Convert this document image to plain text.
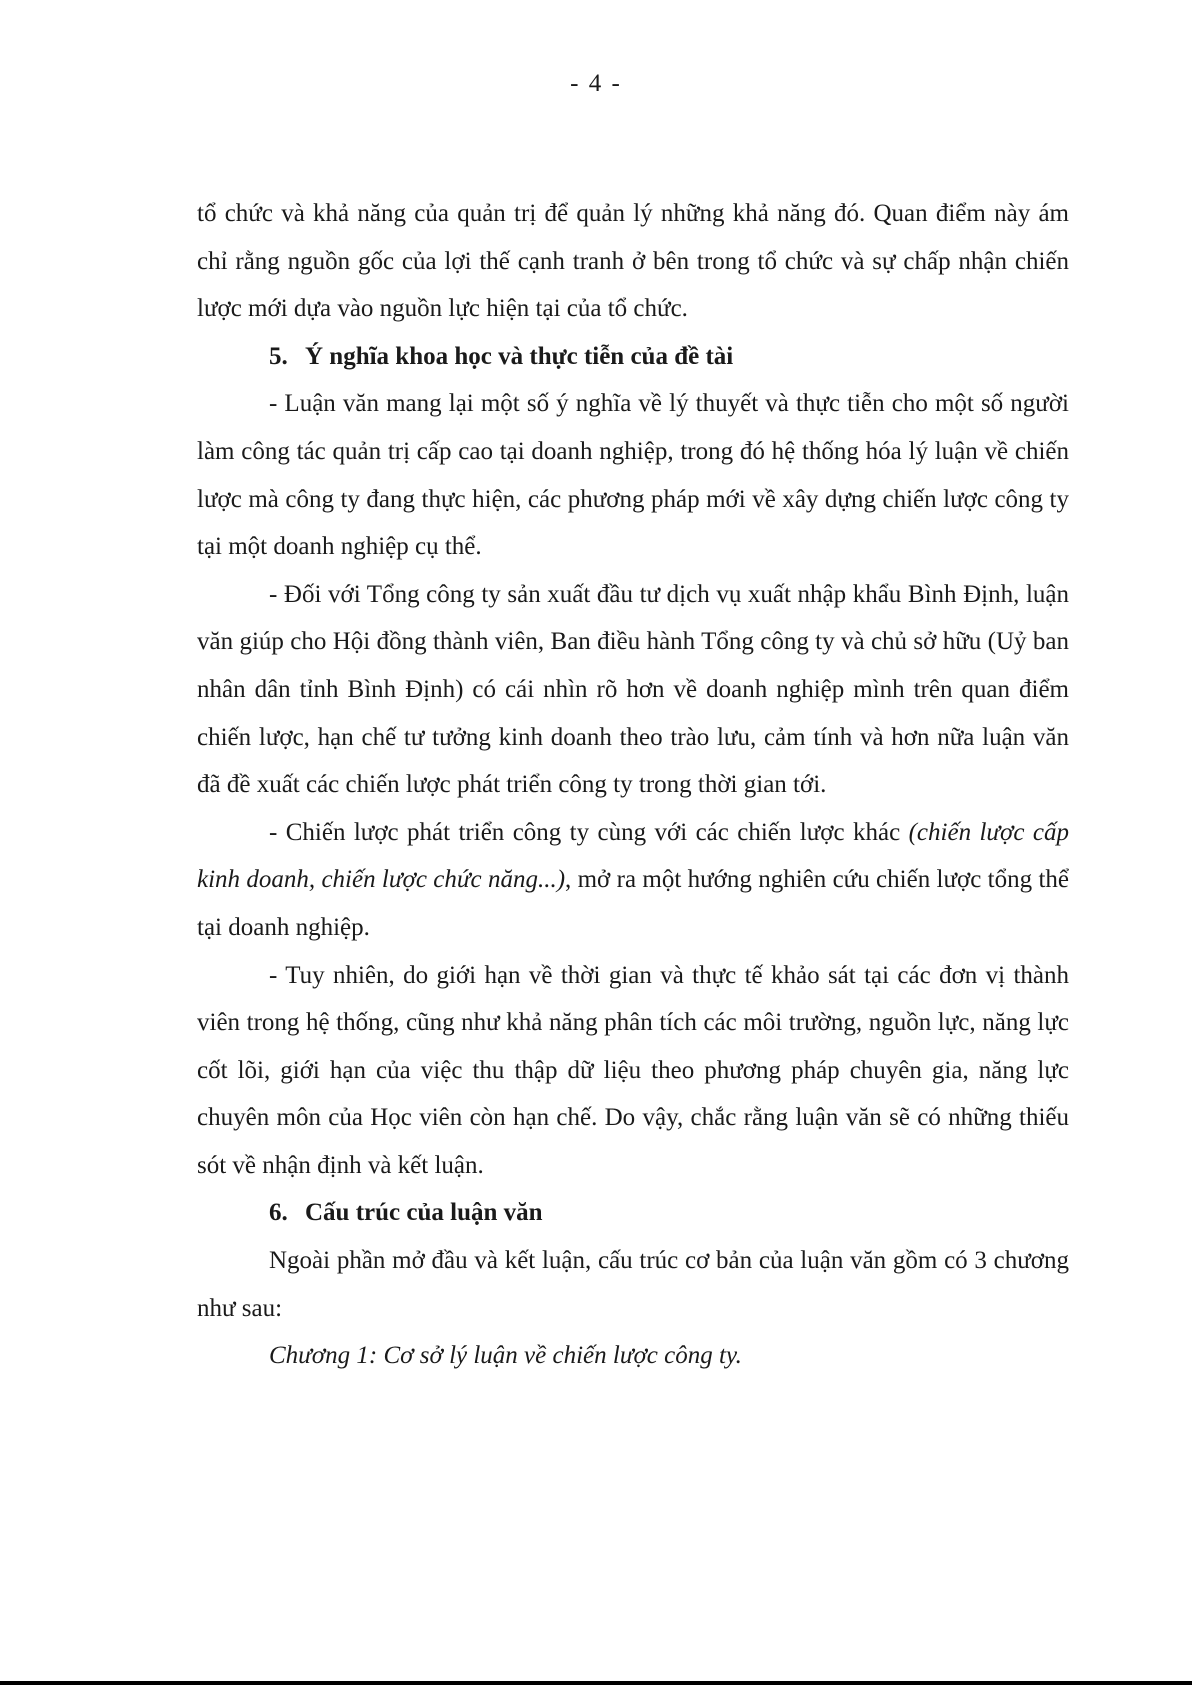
- 4 -

tổ chức và khả năng của quản trị để quản lý những khả năng đó. Quan điểm này ám chỉ rằng nguồn gốc của lợi thế cạnh tranh ở bên trong tổ chức và sự chấp nhận chiến lược mới dựa vào nguồn lực hiện tại của tổ chức.

5. Ý nghĩa khoa học và thực tiễn của đề tài

- Luận văn mang lại một số ý nghĩa về lý thuyết và thực tiễn cho một số người làm công tác quản trị cấp cao tại doanh nghiệp, trong đó hệ thống hóa lý luận về chiến lược mà công ty đang thực hiện, các phương pháp mới về xây dựng chiến lược công ty tại một doanh nghiệp cụ thể.

- Đối với Tổng công ty sản xuất đầu tư dịch vụ xuất nhập khẩu Bình Định, luận văn giúp cho Hội đồng thành viên, Ban điều hành Tổng công ty và chủ sở hữu (Uỷ ban nhân dân tỉnh Bình Định) có cái nhìn rõ hơn về doanh nghiệp mình trên quan điểm chiến lược, hạn chế tư tưởng kinh doanh theo trào lưu, cảm tính và hơn nữa luận văn đã đề xuất các chiến lược phát triển công ty trong thời gian tới.

- Chiến lược phát triển công ty cùng với các chiến lược khác (chiến lược cấp kinh doanh, chiến lược chức năng...), mở ra một hướng nghiên cứu chiến lược tổng thể tại doanh nghiệp.

- Tuy nhiên, do giới hạn về thời gian và thực tế khảo sát tại các đơn vị thành viên trong hệ thống, cũng như khả năng phân tích các môi trường, nguồn lực, năng lực cốt lõi, giới hạn của việc thu thập dữ liệu theo phương pháp chuyên gia, năng lực chuyên môn của Học viên còn hạn chế. Do vậy, chắc rằng luận văn sẽ có những thiếu sót về nhận định và kết luận.

6. Cấu trúc của luận văn

Ngoài phần mở đầu và kết luận, cấu trúc cơ bản của luận văn gồm có 3 chương như sau:

Chương 1: Cơ sở lý luận về chiến lược công ty.
